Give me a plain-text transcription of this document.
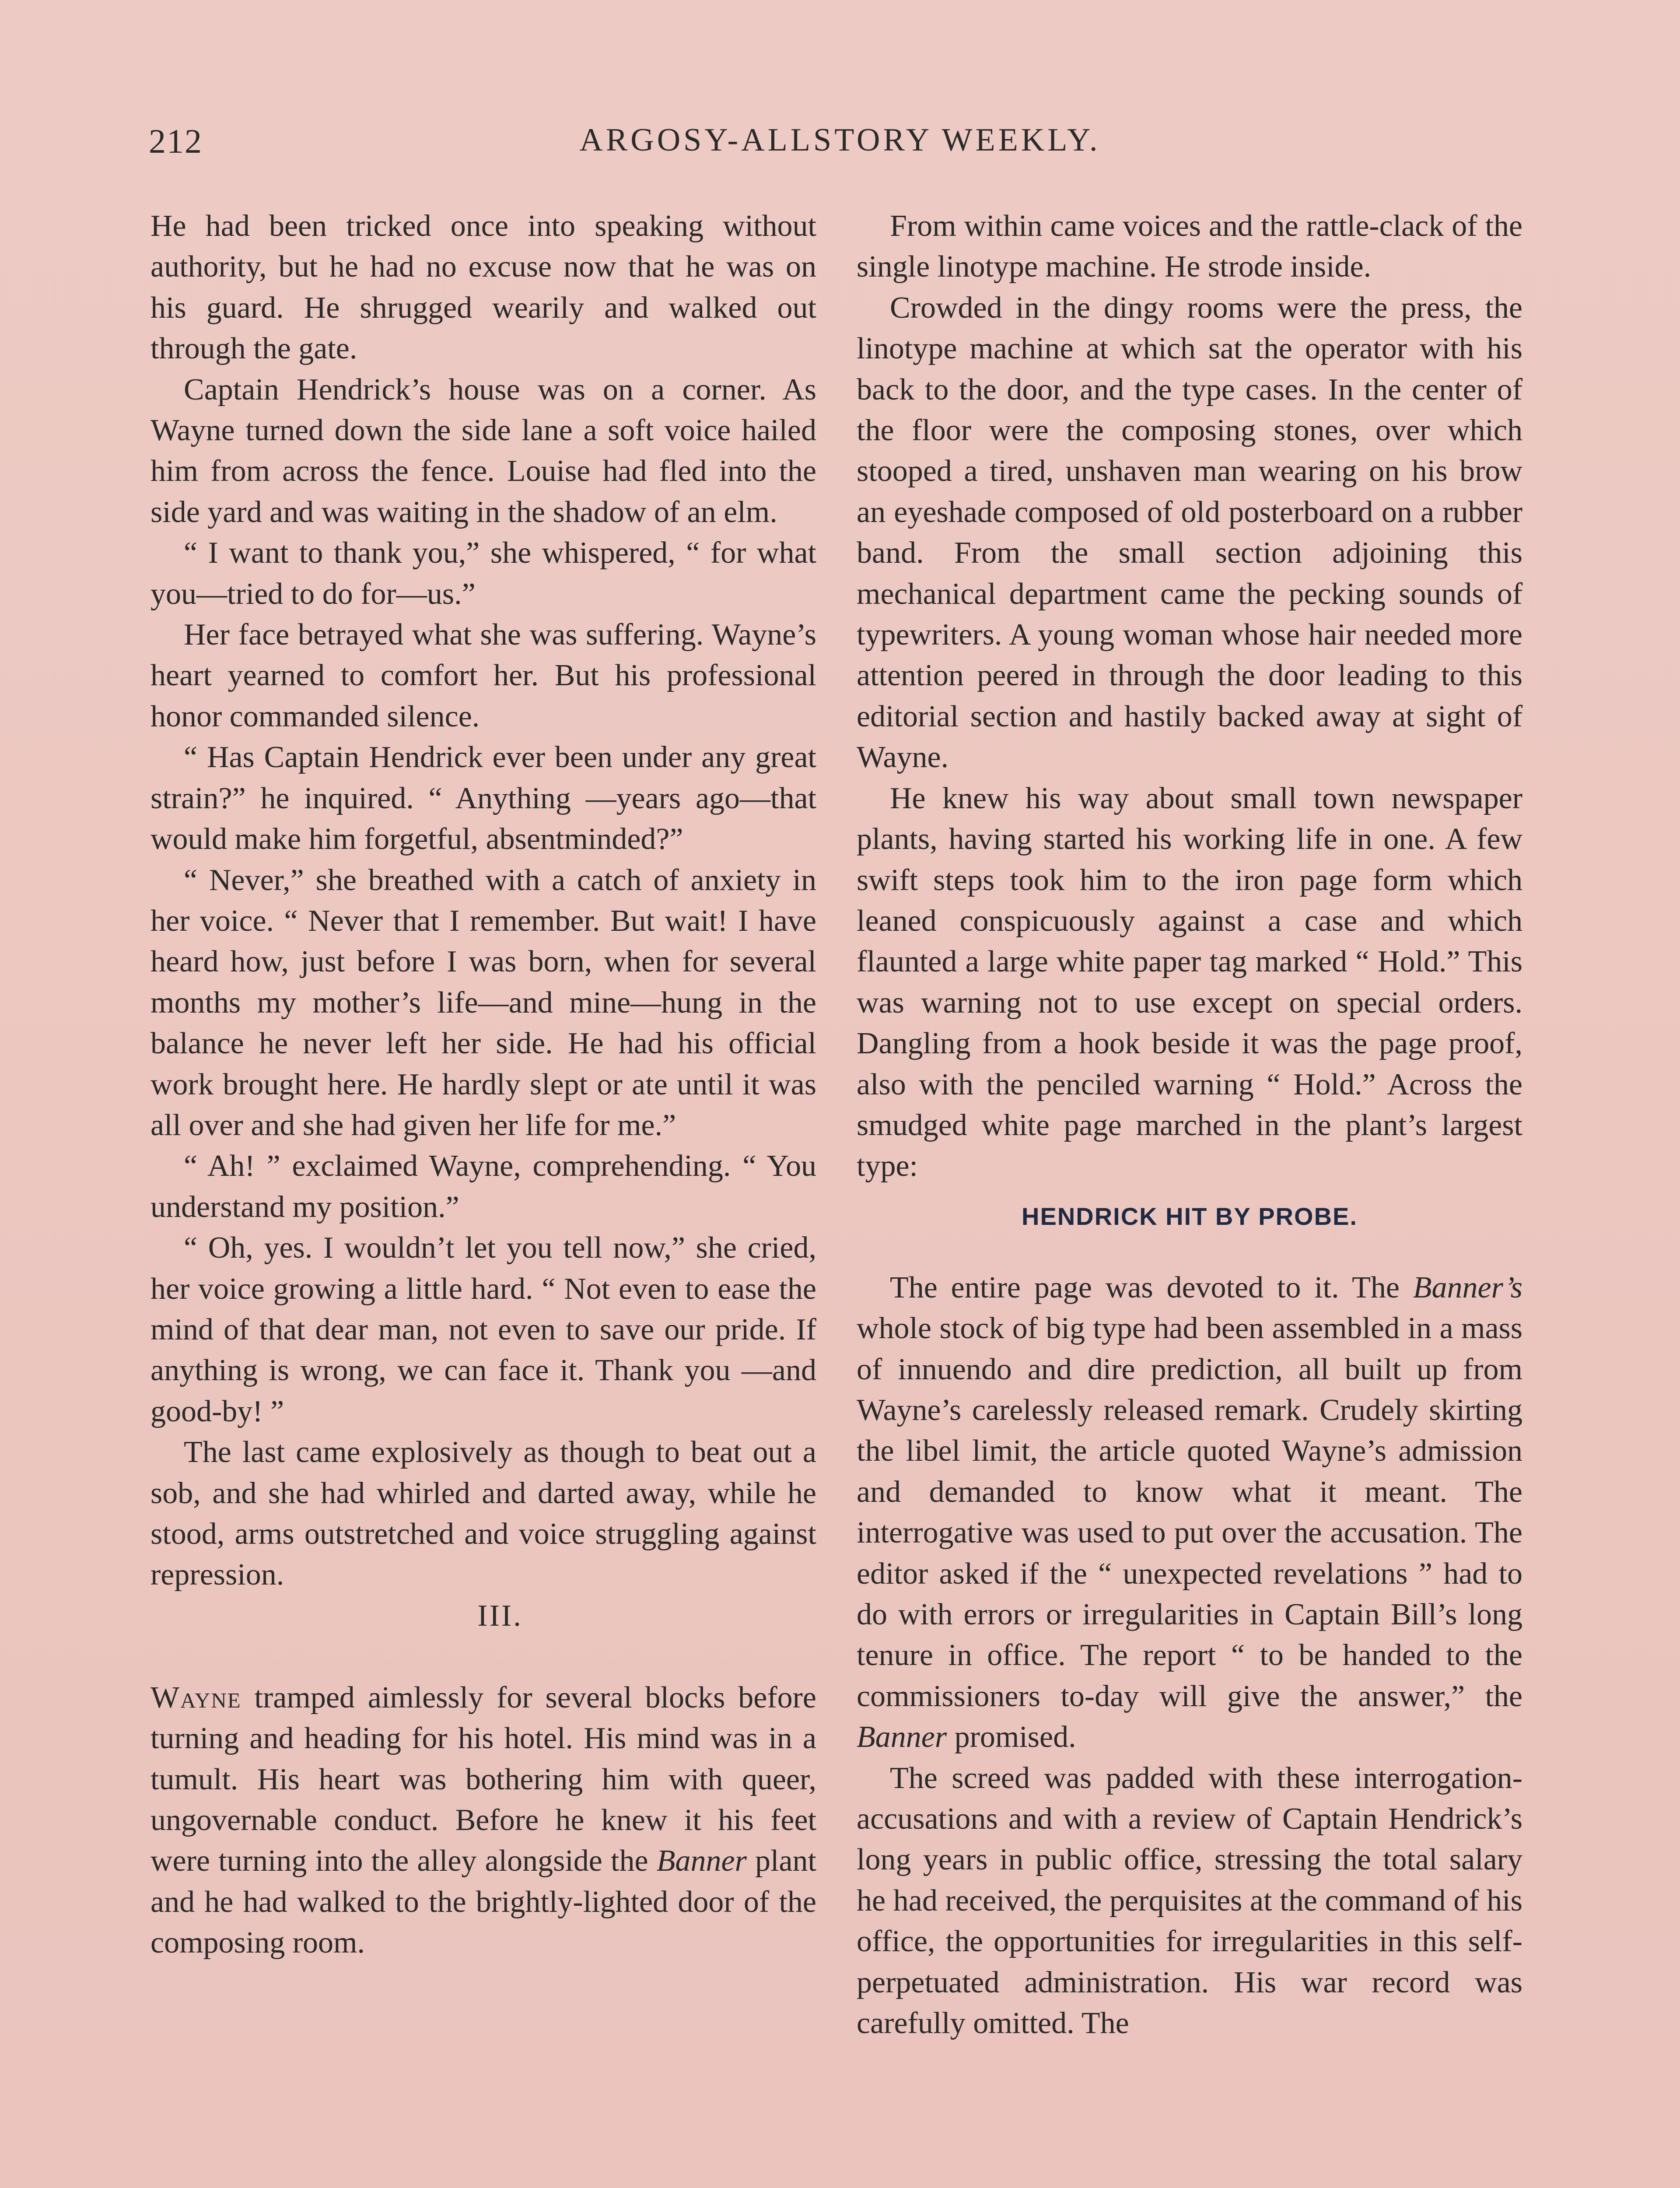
212	ARGOSY-ALLSTORY WEEKLY.

He had been tricked once into speaking without authority, but he had no excuse now that he was on his guard. He shrugged wearily and walked out through the gate.

Captain Hendrick’s house was on a corner. As Wayne turned down the side lane a soft voice hailed him from across the fence. Louise had fled into the side yard and was waiting in the shadow of an elm.

“ I want to thank you,” she whispered, “ for what you—tried to do for—us.”

Her face betrayed what she was suffering. Wayne’s heart yearned to comfort her. But his professional honor commanded silence.

“ Has Captain Hendrick ever been under any great strain?” he inquired. “ Anything —years ago—that would make him forgetful, absentminded?”

“ Never,” she breathed with a catch of anxiety in her voice. “ Never that I remember. But wait! I have heard how, just before I was born, when for several months my mother’s life—and mine—hung in the balance he never left her side. He had his official work brought here. He hardly slept or ate until it was all over and she had given her life for me.”

“ Ah! ” exclaimed Wayne, comprehending. “ You understand my position.”

“ Oh, yes. I wouldn’t let you tell now,” she cried, her voice growing a little hard. “ Not even to ease the mind of that dear man, not even to save our pride. If anything is wrong, we can face it. Thank you —and good-by! ”

The last came explosively as though to beat out a sob, and she had whirled and darted away, while he stood, arms outstretched and voice struggling against repression.

III.

Wayne tramped aimlessly for several blocks before turning and heading for his hotel. His mind was in a tumult. His heart was bothering him with queer, ungovernable conduct. Before he knew it his feet were turning into the alley alongside the Banner plant and he had walked to the brightly-lighted door of the composing room.

From within came voices and the rattle-clack of the single linotype machine. He strode inside.

Crowded in the dingy rooms were the press, the linotype machine at which sat the operator with his back to the door, and the type cases. In the center of the floor were the composing stones, over which stooped a tired, unshaven man wearing on his brow an eyeshade composed of old posterboard on a rubber band. From the small section adjoining this mechanical department came the pecking sounds of typewriters. A young woman whose hair needed more attention peered in through the door leading to this editorial section and hastily backed away at sight of Wayne.

He knew his way about small town newspaper plants, having started his working life in one. A few swift steps took him to the iron page form which leaned conspicuously against a case and which flaunted a large white paper tag marked “ Hold.” This was warning not to use except on special orders. Dangling from a hook beside it was the page proof, also with the penciled warning “ Hold.” Across the smudged white page marched in the plant’s largest type:

HENDRICK HIT BY PROBE.

The entire page was devoted to it. The Banner’s whole stock of big type had been assembled in a mass of innuendo and dire prediction, all built up from Wayne’s carelessly released remark. Crudely skirting the libel limit, the article quoted Wayne’s admission and demanded to know what it meant. The interrogative was used to put over the accusation. The editor asked if the “ unexpected revelations ” had to do with errors or irregularities in Captain Bill’s long tenure in office. The report “ to be handed to the commissioners to-day will give the answer,” the Banner promised.

The screed was padded with these interrogation-accusations and with a review of Captain Hendrick’s long years in public office, stressing the total salary he had received, the perquisites at the command of his office, the opportunities for irregularities in this self-perpetuated administration. His war record was carefully omitted. The
